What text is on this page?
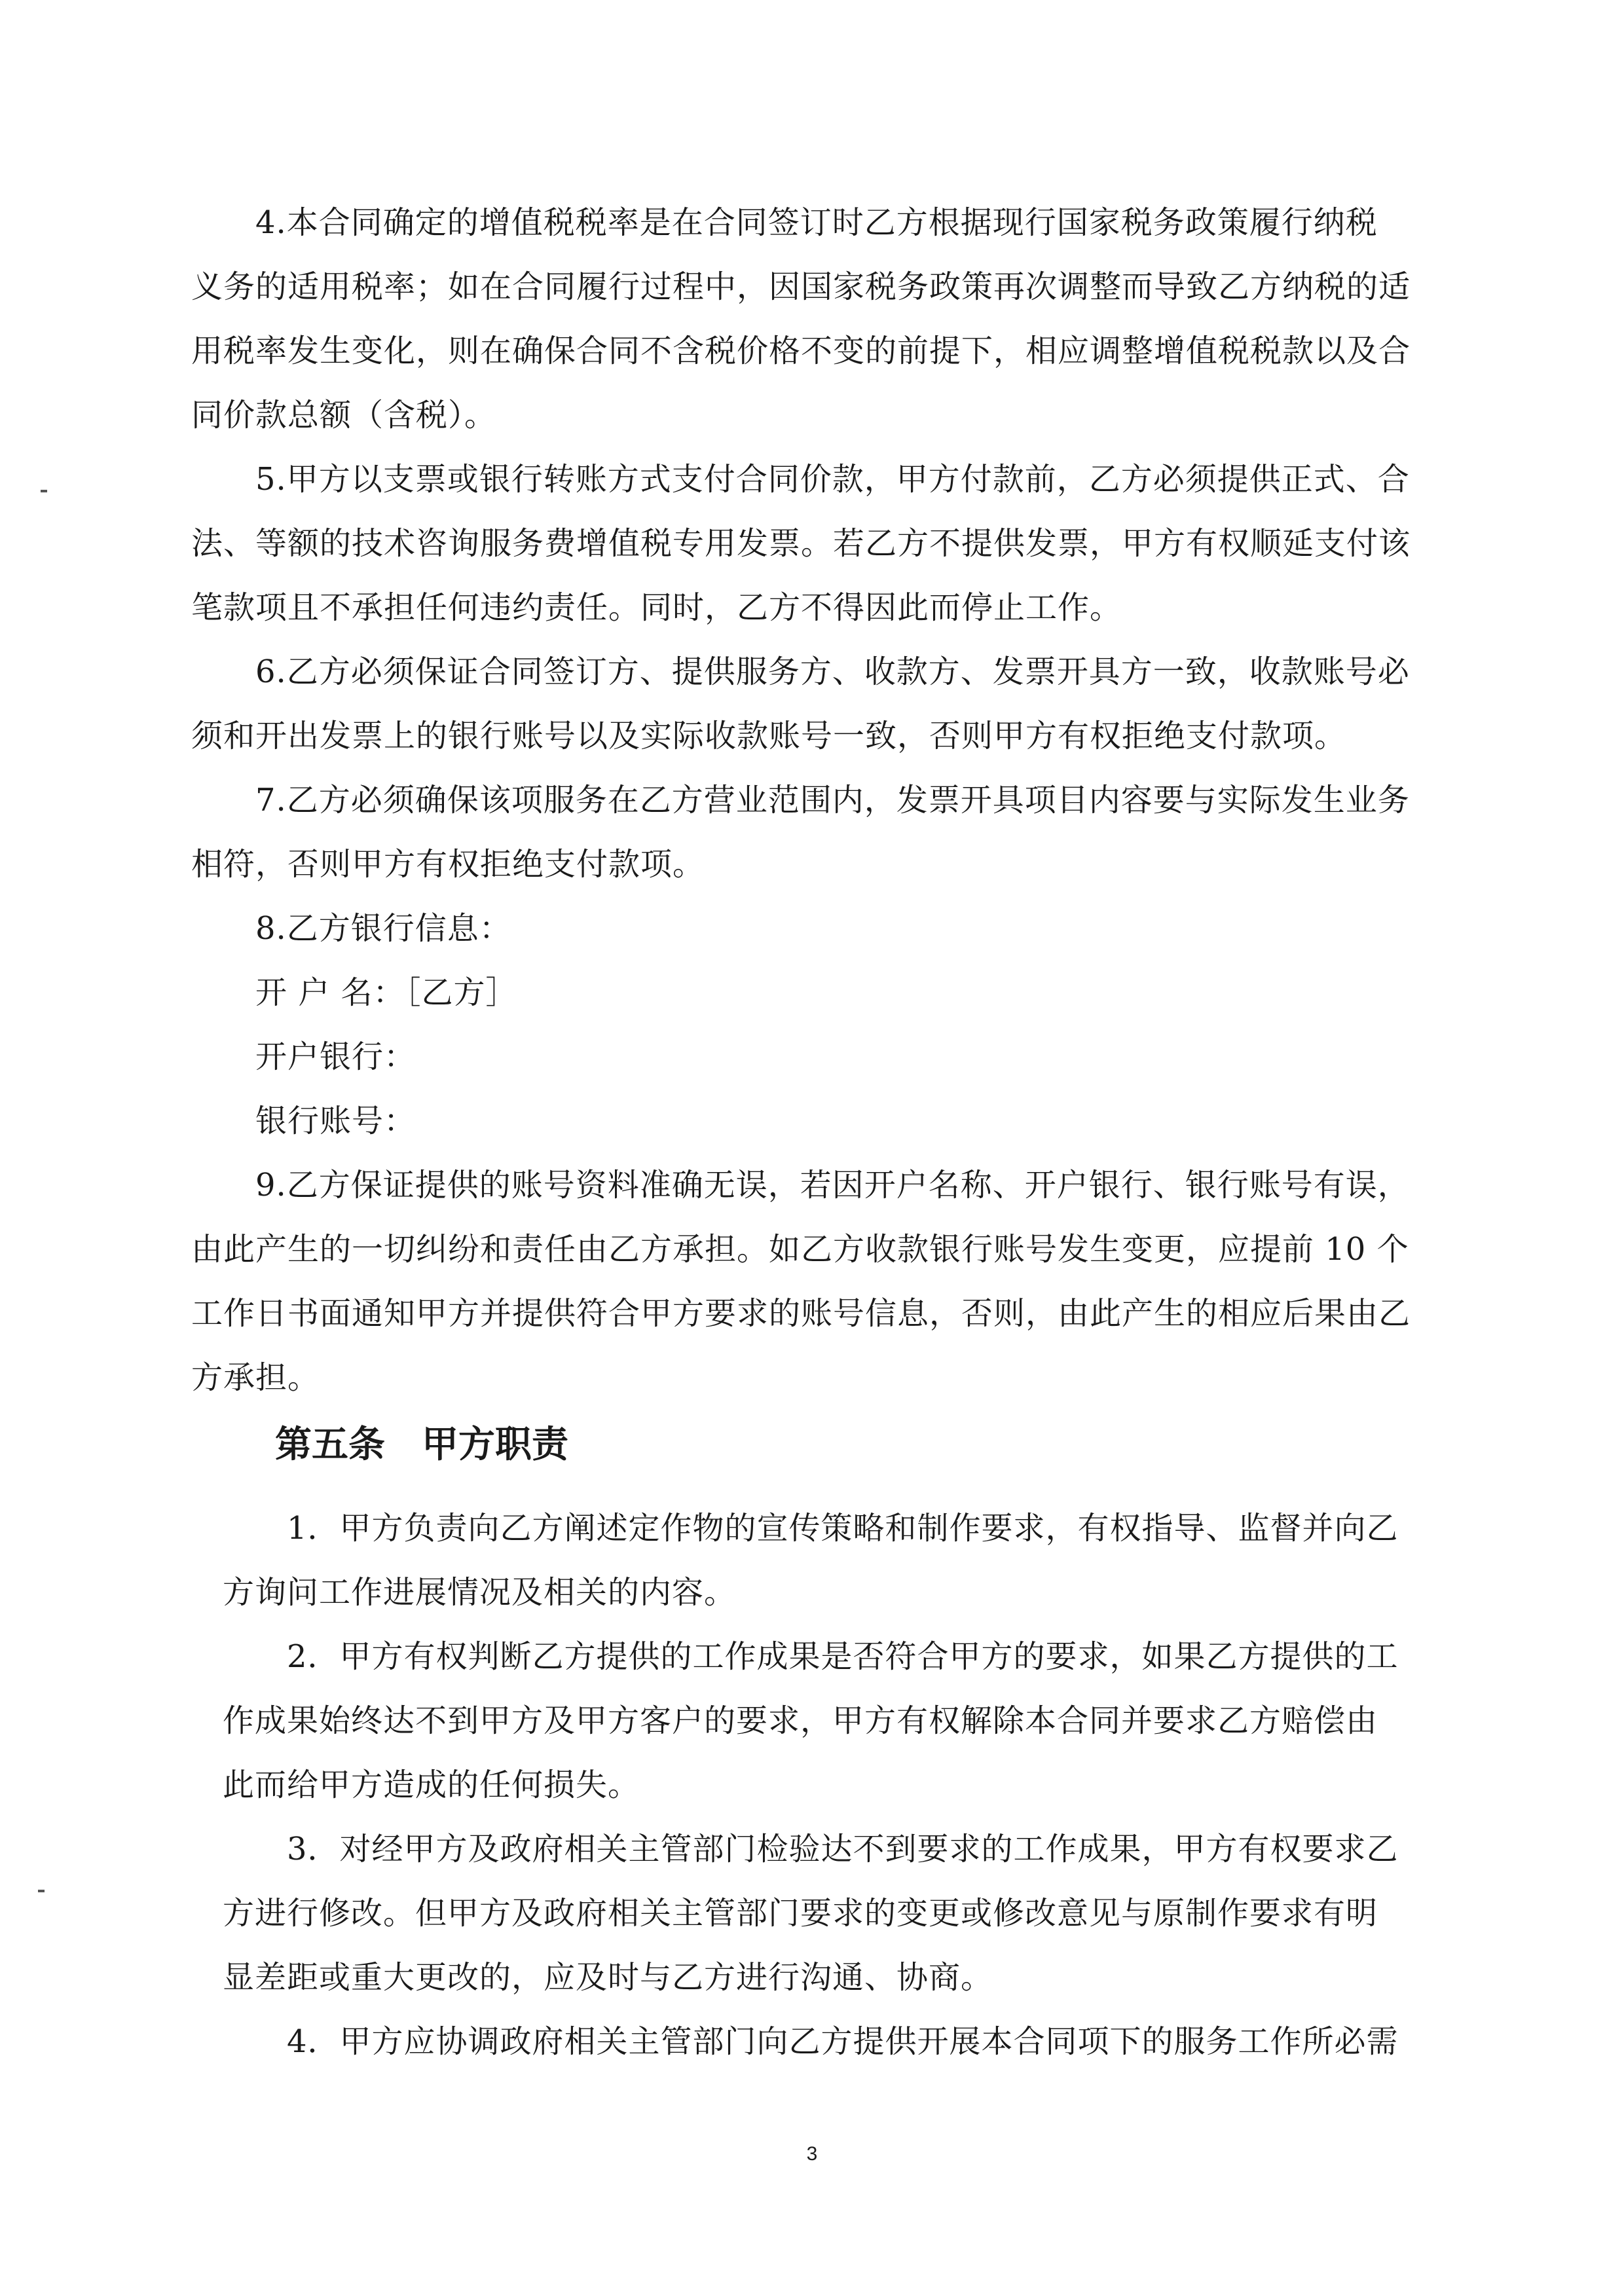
4.本合同确定的增值税税率是在合同签订时乙方根据现行国家税务政策履行纳税

义务的适用税率；如在合同履行过程中，因国家税务政策再次调整而导致乙方纳税的适

用税率发生变化，则在确保合同不含税价格不变的前提下，相应调整增值税税款以及合

同价款总额（含税）。

5.甲方以支票或银行转账方式支付合同价款，甲方付款前，乙方必须提供正式、合

法、等额的技术咨询服务费增值税专用发票。若乙方不提供发票，甲方有权顺延支付该

笔款项且不承担任何违约责任。同时，乙方不得因此而停止工作。

6.乙方必须保证合同签订方、提供服务方、收款方、发票开具方一致，收款账号必

须和开出发票上的银行账号以及实际收款账号一致，否则甲方有权拒绝支付款项。

7.乙方必须确保该项服务在乙方营业范围内，发票开具项目内容要与实际发生业务

相符，否则甲方有权拒绝支付款项。

8.乙方银行信息：

开 户 名：［乙方］

开户银行：

银行账号：

9.乙方保证提供的账号资料准确无误，若因开户名称、开户银行、银行账号有误，

由此产生的一切纠纷和责任由乙方承担。如乙方收款银行账号发生变更，应提前 10 个

工作日书面通知甲方并提供符合甲方要求的账号信息，否则，由此产生的相应后果由乙

方承担。

第五条　甲方职责

1．甲方负责向乙方阐述定作物的宣传策略和制作要求，有权指导、监督并向乙

方询问工作进展情况及相关的内容。

2．甲方有权判断乙方提供的工作成果是否符合甲方的要求，如果乙方提供的工

作成果始终达不到甲方及甲方客户的要求，甲方有权解除本合同并要求乙方赔偿由

此而给甲方造成的任何损失。

3．对经甲方及政府相关主管部门检验达不到要求的工作成果，甲方有权要求乙

方进行修改。但甲方及政府相关主管部门要求的变更或修改意见与原制作要求有明

显差距或重大更改的，应及时与乙方进行沟通、协商。

4．甲方应协调政府相关主管部门向乙方提供开展本合同项下的服务工作所必需

3
